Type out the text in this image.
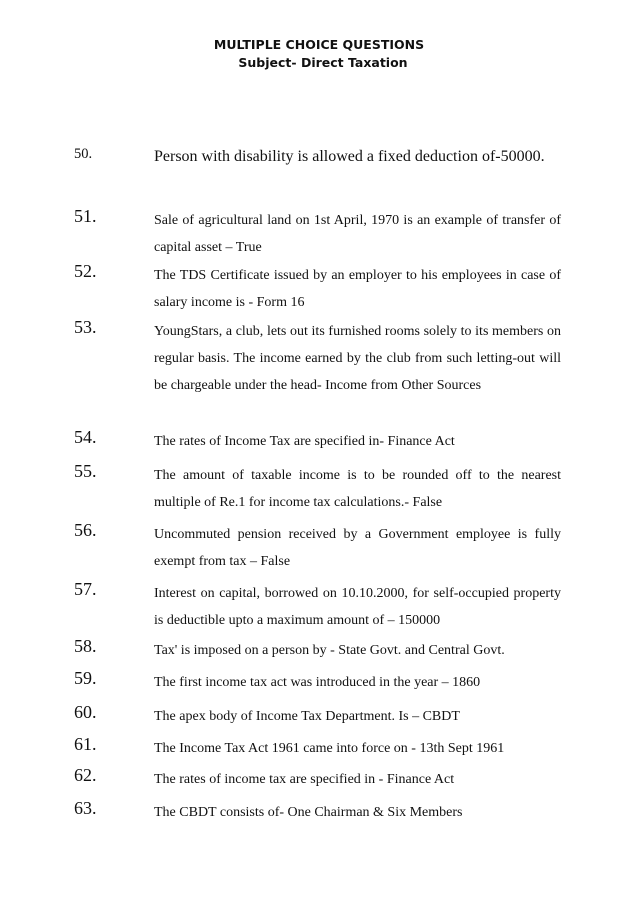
MULTIPLE CHOICE QUESTIONS
Subject- Direct Taxation
50.	Person with disability is allowed a fixed deduction of-50000.
51.	Sale of agricultural land on 1st April, 1970 is an example of transfer of capital asset – True
52.	The TDS Certificate issued by an employer to his employees in case of salary income is - Form 16
53.	YoungStars, a club, lets out its furnished rooms solely to its members on regular basis. The income earned by the club from such letting-out will be chargeable under the head- Income from Other Sources
54.	The rates of Income Tax are specified in- Finance Act
55.	The amount of taxable income is to be rounded off to the nearest multiple of Re.1 for income tax calculations.- False
56.	Uncommuted pension received by a Government employee is fully exempt from tax – False
57.	Interest on capital, borrowed on 10.10.2000, for self-occupied property is deductible upto a maximum amount of – 150000
58.	Tax' is imposed on a person by - State Govt. and Central Govt.
59.	The first income tax act was introduced in the year – 1860
60.	The apex body of Income Tax Department. Is – CBDT
61.	The Income Tax Act 1961 came into force on - 13th Sept 1961
62.	The rates of income tax are specified in - Finance Act
63.	The CBDT consists of- One Chairman & Six Members
